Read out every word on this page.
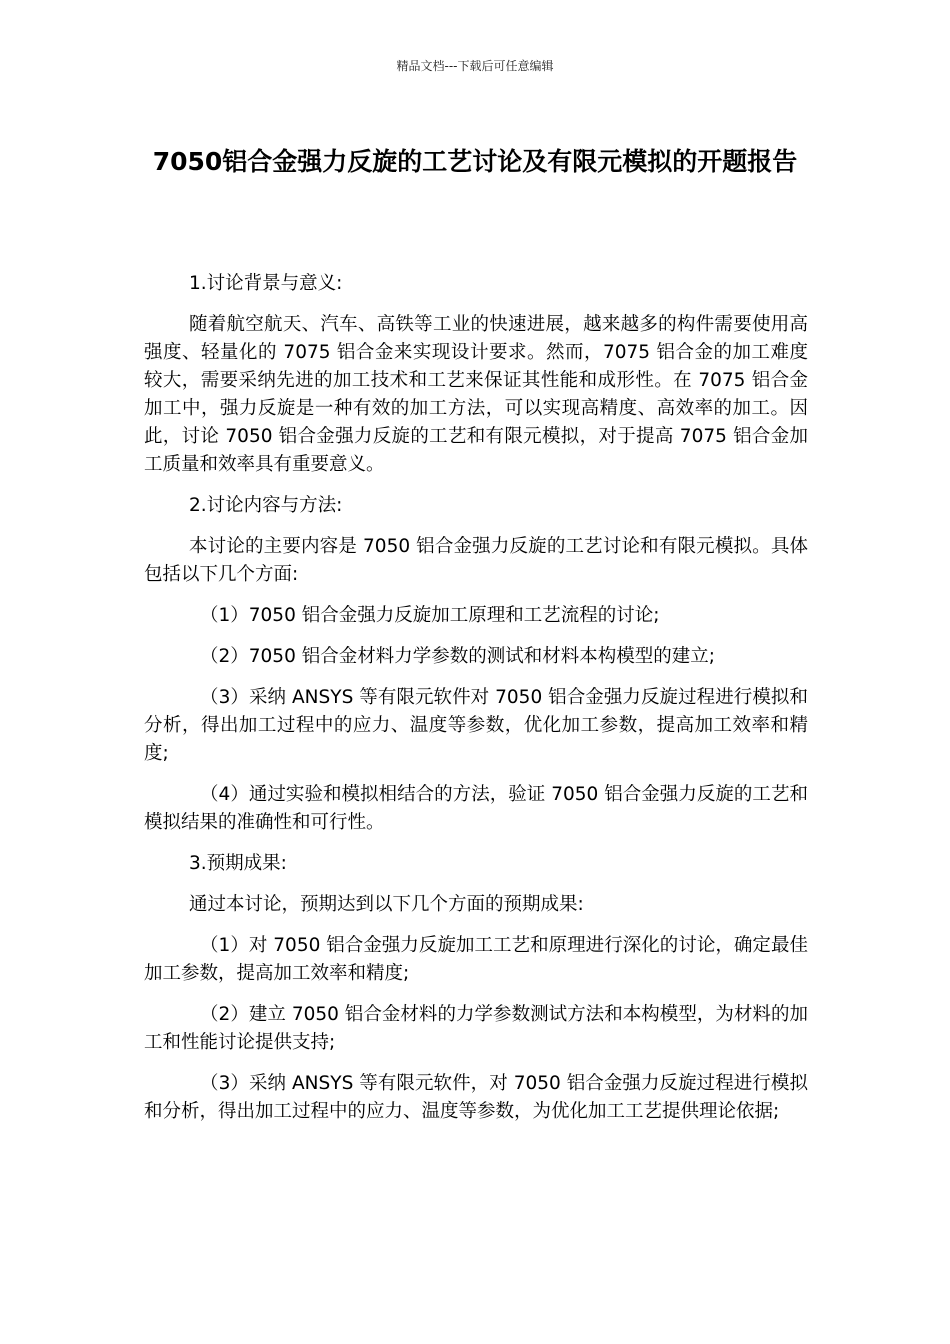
精品文档---下载后可任意编辑
7050铝合金强力反旋的工艺讨论及有限元模拟的开题报告

1.讨论背景与意义:

随着航空航天、汽车、高铁等工业的快速进展，越来越多的构件需要使用高强度、轻量化的 7075 铝合金来实现设计要求。然而，7075 铝合金的加工难度较大，需要采纳先进的加工技术和工艺来保证其性能和成形性。在 7075 铝合金加工中，强力反旋是一种有效的加工方法，可以实现高精度、高效率的加工。因此，讨论 7050 铝合金强力反旋的工艺和有限元模拟，对于提高 7075 铝合金加工质量和效率具有重要意义。

2.讨论内容与方法:

本讨论的主要内容是 7050 铝合金强力反旋的工艺讨论和有限元模拟。具体包括以下几个方面:

（1）7050 铝合金强力反旋加工原理和工艺流程的讨论;

（2）7050 铝合金材料力学参数的测试和材料本构模型的建立;

（3）采纳 ANSYS 等有限元软件对 7050 铝合金强力反旋过程进行模拟和分析，得出加工过程中的应力、温度等参数，优化加工参数，提高加工效率和精度;

（4）通过实验和模拟相结合的方法，验证 7050 铝合金强力反旋的工艺和模拟结果的准确性和可行性。

3.预期成果:

通过本讨论，预期达到以下几个方面的预期成果:

（1）对 7050 铝合金强力反旋加工工艺和原理进行深化的讨论，确定最佳加工参数，提高加工效率和精度;

（2）建立 7050 铝合金材料的力学参数测试方法和本构模型，为材料的加工和性能讨论提供支持;

（3）采纳 ANSYS 等有限元软件，对 7050 铝合金强力反旋过程进行模拟和分析，得出加工过程中的应力、温度等参数，为优化加工工艺提供理论依据;
